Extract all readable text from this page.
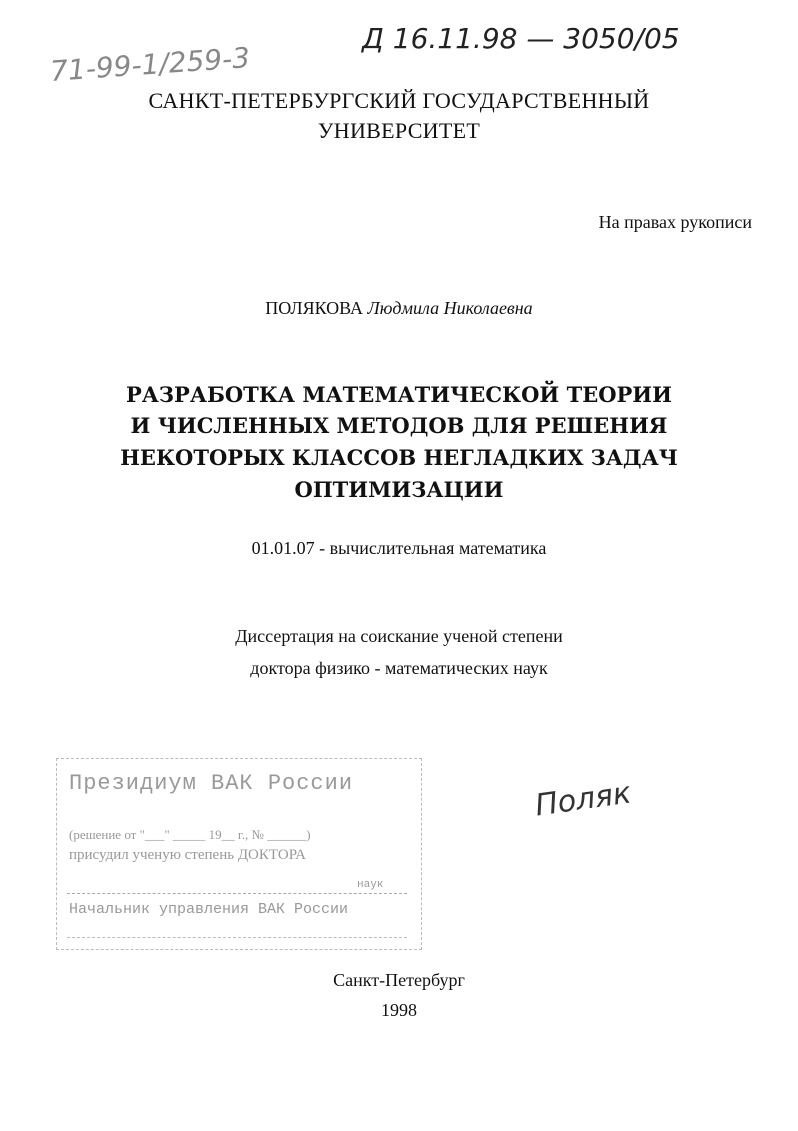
71-99-1/259-3
Д 16.11.98 — 3050/05
САНКТ-ПЕТЕРБУРГСКИЙ ГОСУДАРСТВЕННЫЙ
УНИВЕРСИТЕТ
На правах рукописи
ПОЛЯКОВА Людмила Николаевна
РАЗРАБОТКА МАТЕМАТИЧЕСКОЙ ТЕОРИИ
И ЧИСЛЕННЫХ МЕТОДОВ ДЛЯ РЕШЕНИЯ
НЕКОТОРЫХ КЛАССОВ НЕГЛАДКИХ ЗАДАЧ
ОПТИМИЗАЦИИ
01.01.07 - вычислительная математика
Диссертация на соискание ученой степени
доктора физико - математических наук
Президиум ВАК России
(решение от "___" _____ 19__ г., № ______)
присудил ученую степень ДОКТОРА
наук
Начальник управления ВАК России
Поляк
Санкт-Петербург
1998
